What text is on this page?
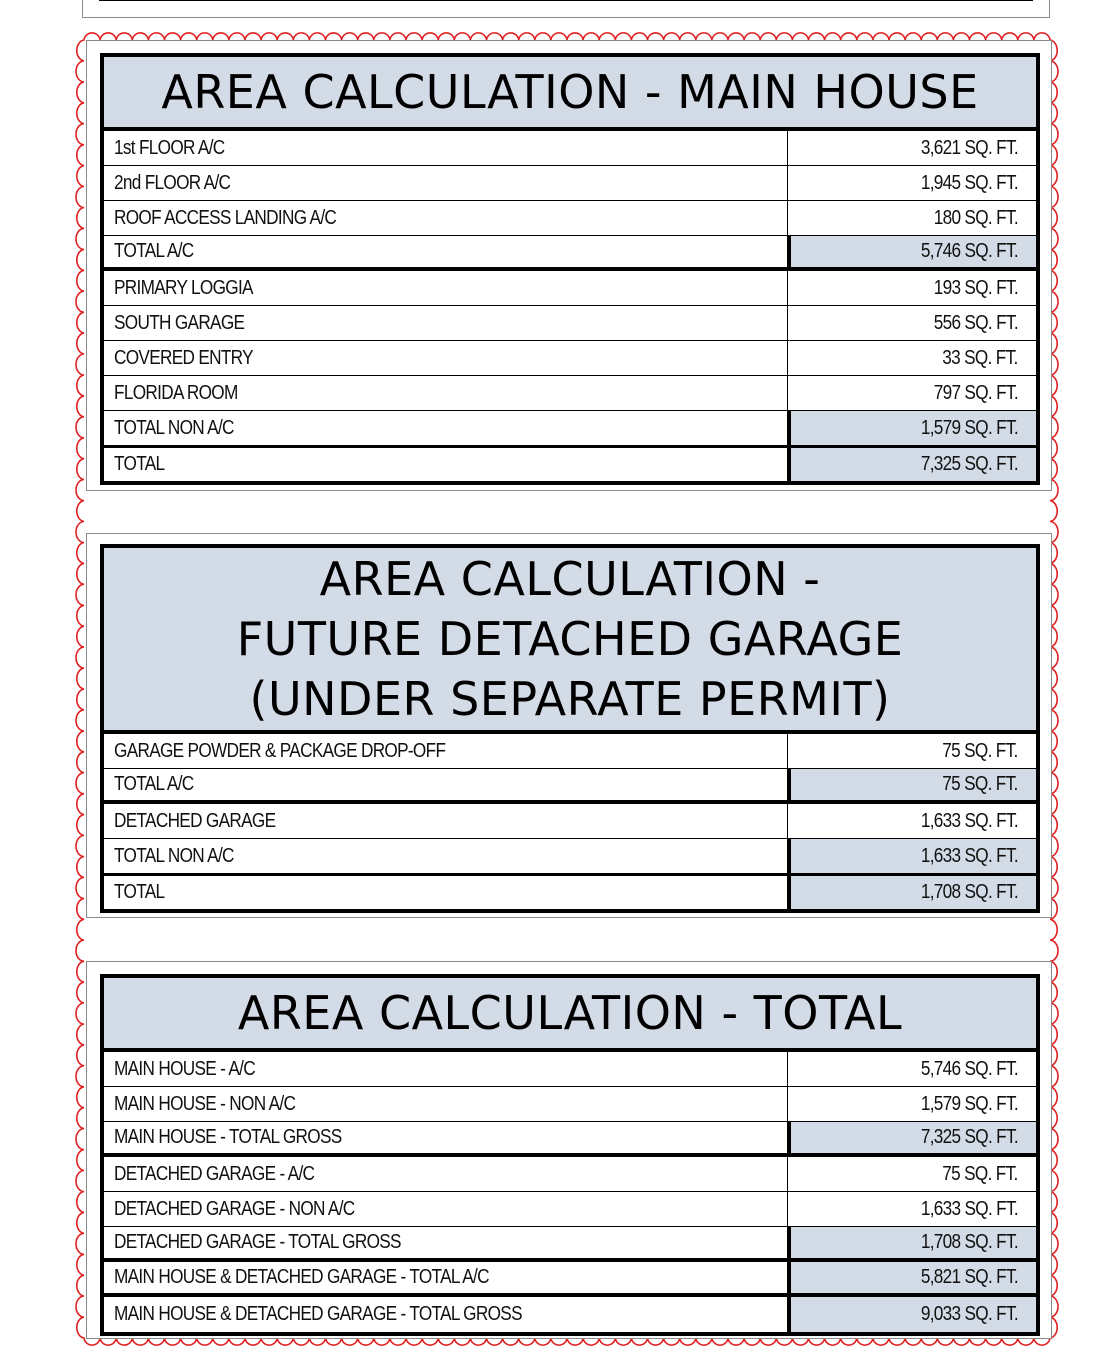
AREA CALCULATION - MAIN HOUSE
1st FLOOR A/C	3,621 SQ. FT.
2nd FLOOR A/C	1,945 SQ. FT.
ROOF ACCESS LANDING A/C	180 SQ. FT.
TOTAL A/C	5,746 SQ. FT.
PRIMARY LOGGIA	193 SQ. FT.
SOUTH GARAGE	556 SQ. FT.
COVERED ENTRY	33 SQ. FT.
FLORIDA ROOM	797 SQ. FT.
TOTAL NON A/C	1,579 SQ. FT.
TOTAL	7,325 SQ. FT.
AREA CALCULATION -
FUTURE DETACHED GARAGE
(UNDER SEPARATE PERMIT)
GARAGE POWDER & PACKAGE DROP-OFF	75 SQ. FT.
TOTAL A/C	75 SQ. FT.
DETACHED GARAGE	1,633 SQ. FT.
TOTAL NON A/C	1,633 SQ. FT.
TOTAL	1,708 SQ. FT.
AREA CALCULATION - TOTAL
MAIN HOUSE - A/C	5,746 SQ. FT.
MAIN HOUSE - NON A/C	1,579 SQ. FT.
MAIN HOUSE - TOTAL GROSS	7,325 SQ. FT.
DETACHED GARAGE - A/C	75 SQ. FT.
DETACHED GARAGE - NON A/C	1,633 SQ. FT.
DETACHED GARAGE - TOTAL GROSS	1,708 SQ. FT.
MAIN HOUSE & DETACHED GARAGE - TOTAL A/C	5,821 SQ. FT.
MAIN HOUSE & DETACHED GARAGE - TOTAL GROSS	9,033 SQ. FT.
